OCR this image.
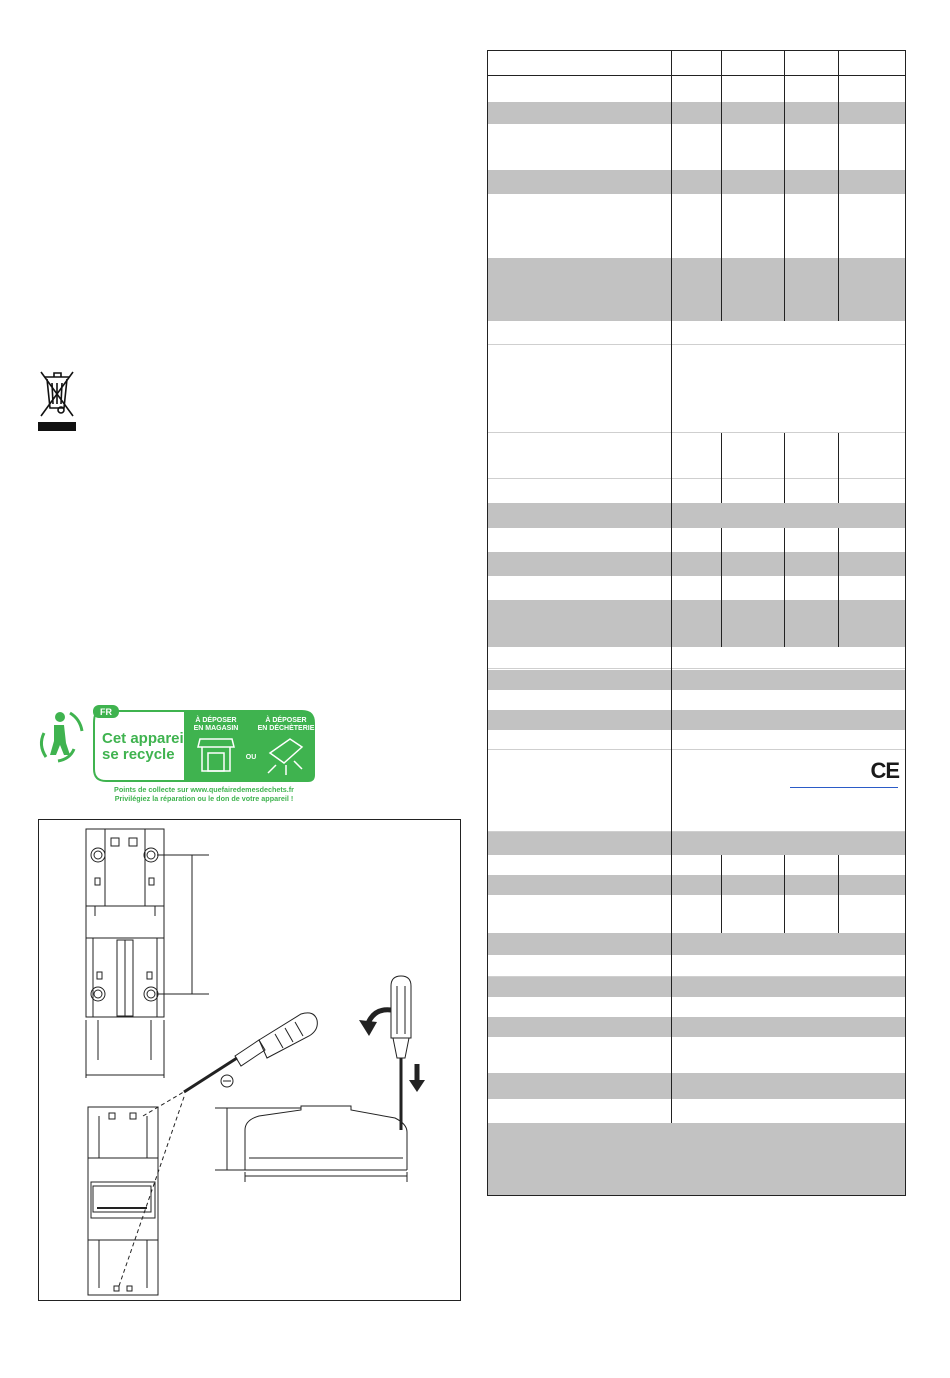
FR
Cet appareil
se recycle
À DÉPOSER
EN MAGASIN
À DÉPOSER
EN DÉCHÈTERIE
OU
Points de collecte sur www.quefairedemesdechets.fr
Privilégiez la réparation ou le don de votre appareil !
CE
